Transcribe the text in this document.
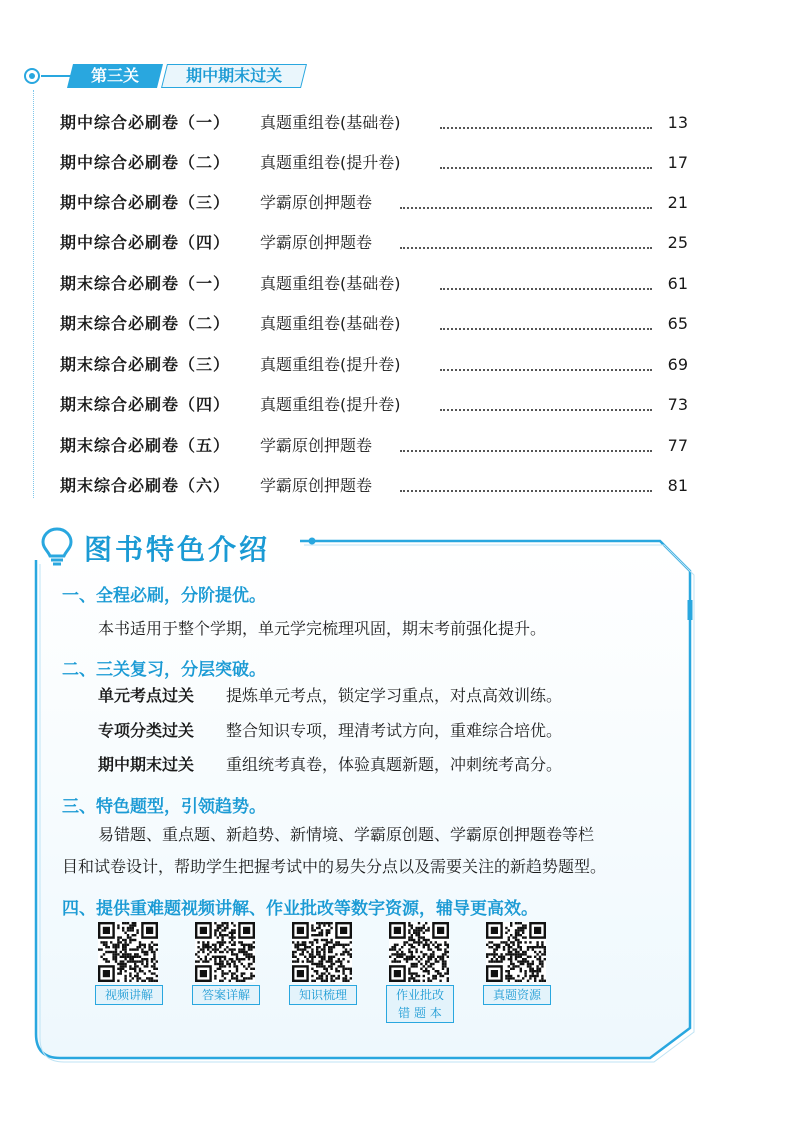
第三关	期中期末过关
期中综合必刷卷（一） 真题重组卷(基础卷)	13
期中综合必刷卷（二） 真题重组卷(提升卷)	17
期中综合必刷卷（三） 学霸原创押题卷	21
期中综合必刷卷（四） 学霸原创押题卷	25
期末综合必刷卷（一） 真题重组卷(基础卷)	61
期末综合必刷卷（二） 真题重组卷(基础卷)	65
期末综合必刷卷（三） 真题重组卷(提升卷)	69
期末综合必刷卷（四） 真题重组卷(提升卷)	73
期末综合必刷卷（五） 学霸原创押题卷	77
期末综合必刷卷（六） 学霸原创押题卷	81
图书特色介绍
一、全程必刷，分阶提优。
本书适用于整个学期，单元学完梳理巩固，期末考前强化提升。
二、三关复习，分层突破。
单元考点过关 提炼单元考点，锁定学习重点，对点高效训练。
专项分类过关 整合知识专项，理清考试方向，重难综合培优。
期中期末过关 重组统考真卷，体验真题新题，冲刺统考高分。
三、特色题型，引领趋势。
易错题、重点题、新趋势、新情境、学霸原创题、学霸原创押题卷等栏
目和试卷设计，帮助学生把握考试中的易失分点以及需要关注的新趋势题型。
四、提供重难题视频讲解、作业批改等数字资源，辅导更高效。
视频讲解	答案详解	知识梳理	作业批改
错 题 本
真题资源
